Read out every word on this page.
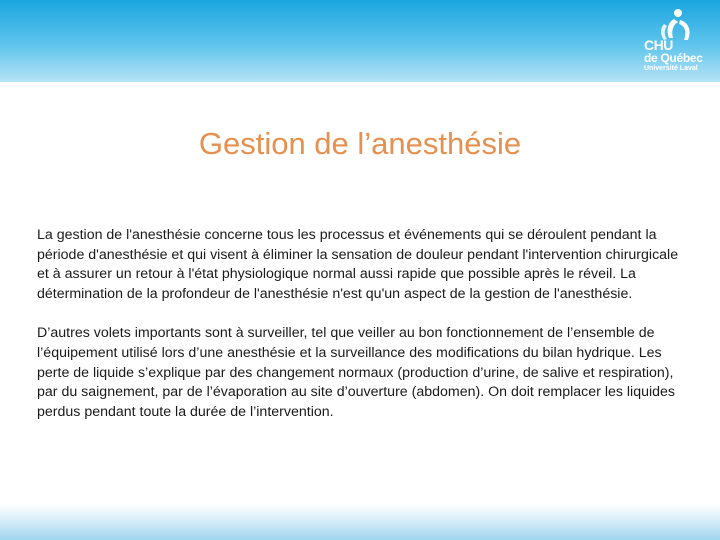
CHU
de Québec
Université Laval
Gestion de l’anesthésie

La gestion de l'anesthésie concerne tous les processus et événements qui se déroulent pendant la période d'anesthésie et qui visent à éliminer la sensation de douleur pendant l'intervention chirurgicale et à assurer un retour à l'état physiologique normal aussi rapide que possible après le réveil. La détermination de la profondeur de l'anesthésie n'est qu'un aspect de la gestion de l'anesthésie.

D’autres volets importants sont à surveiller, tel que veiller au bon fonctionnement de l’ensemble de l’équipement utilisé lors d’une anesthésie et la surveillance des modifications du bilan hydrique. Les perte de liquide s’explique par des changement normaux (production d’urine, de salive et respiration), par du saignement, par de l’évaporation au site d’ouverture (abdomen). On doit remplacer les liquides perdus pendant toute la durée de l’intervention.
